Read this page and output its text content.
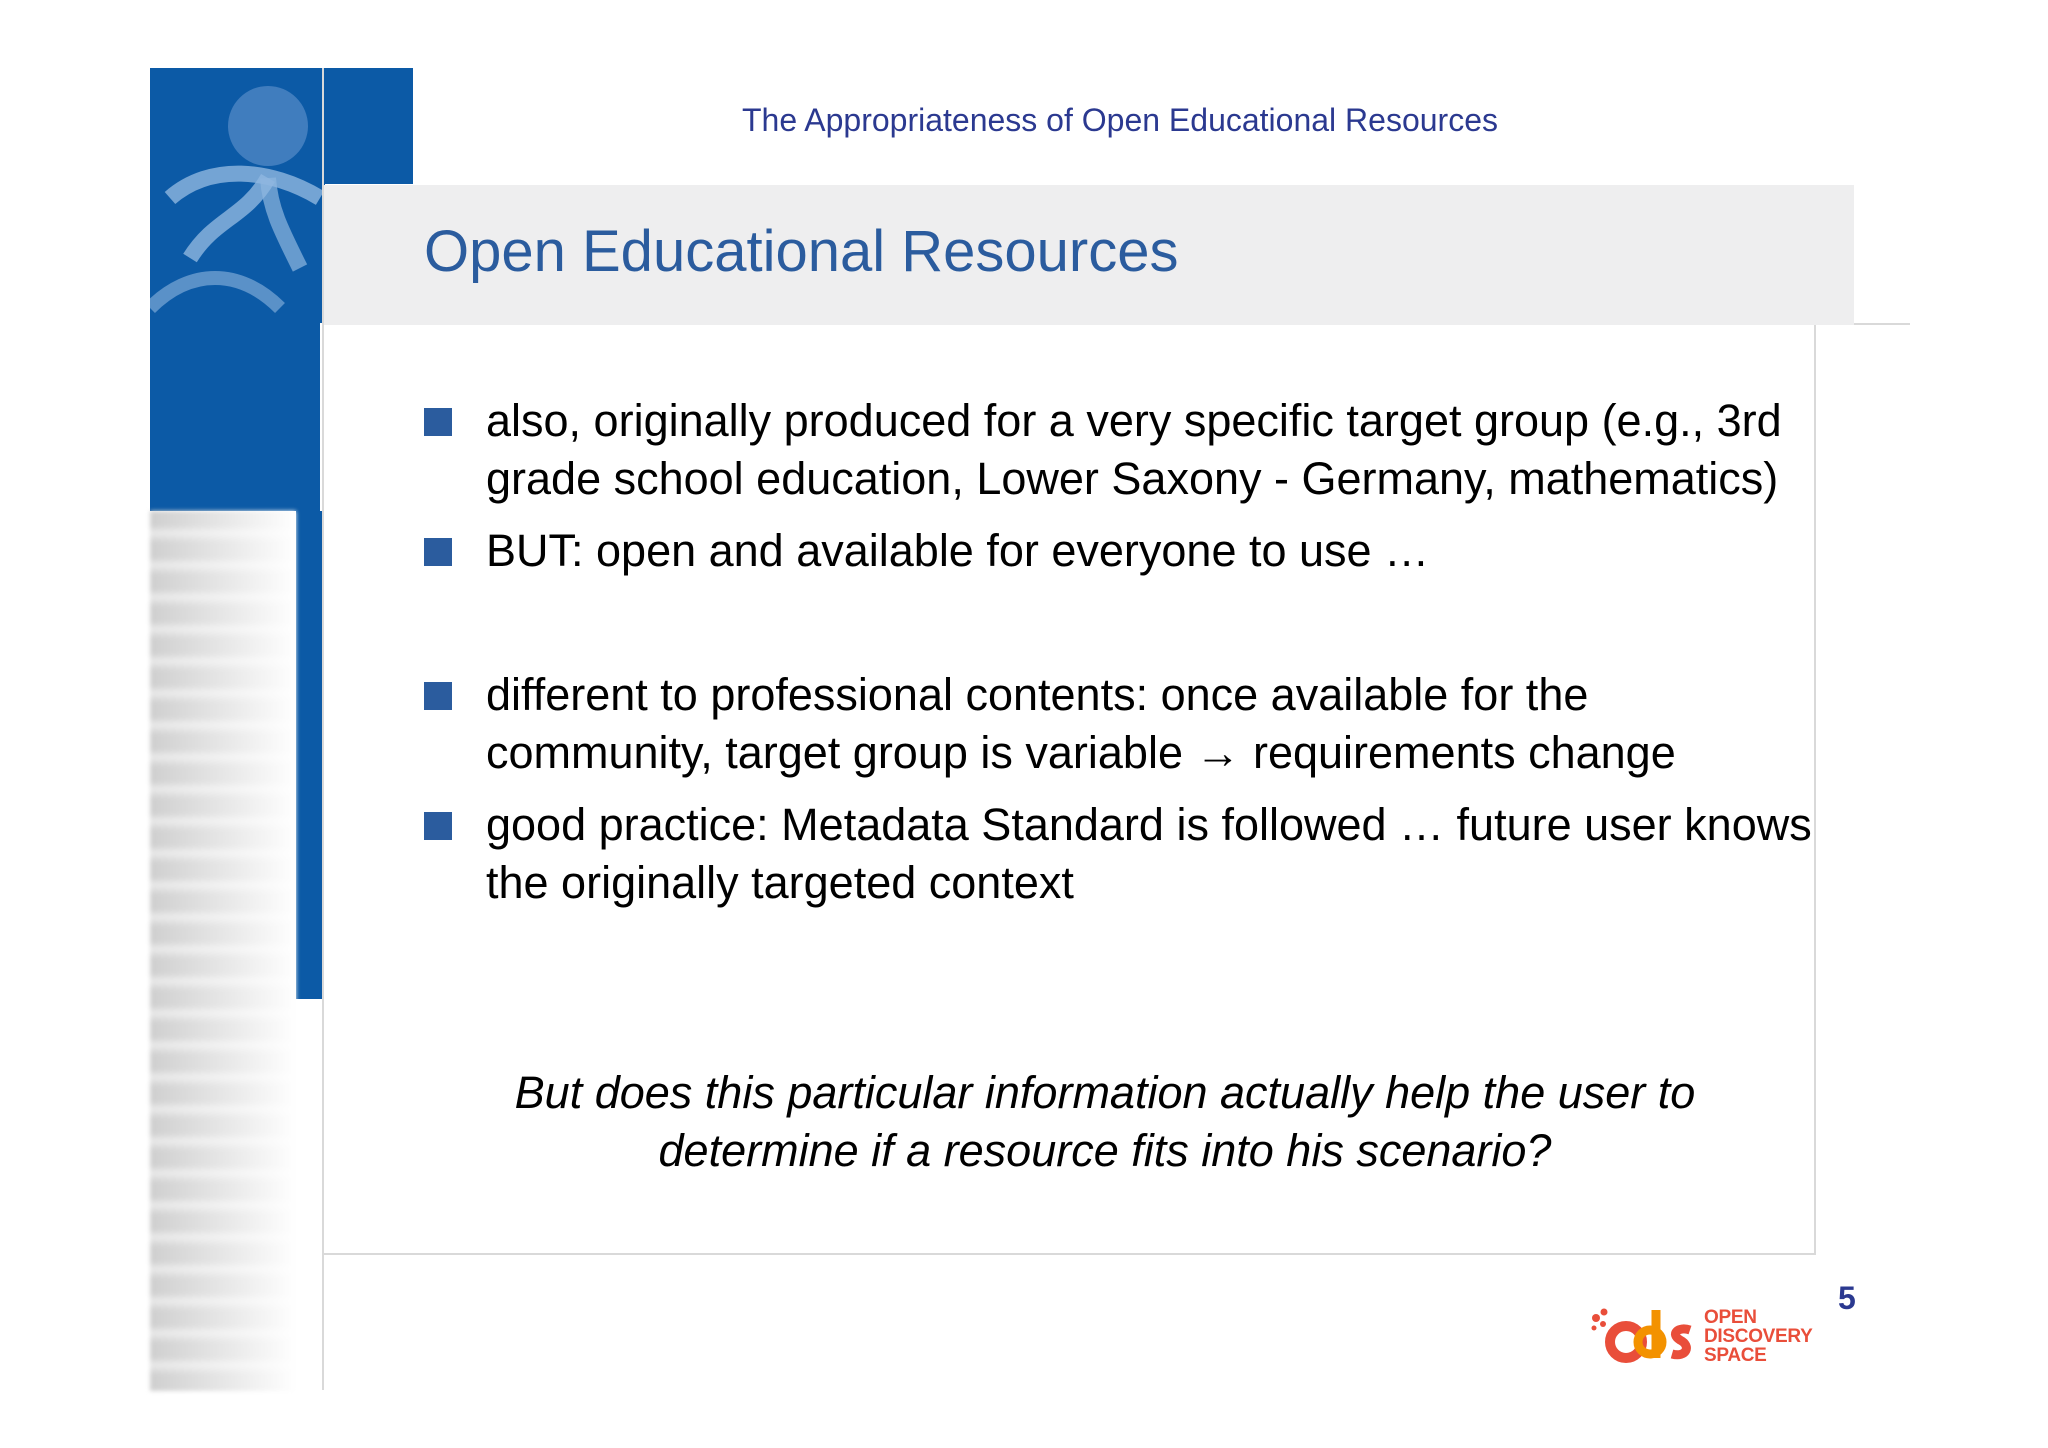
The Appropriateness of Open Educational Resources
Open Educational Resources
also, originally produced for a very specific target group (e.g., 3rd grade school education, Lower Saxony - Germany, mathematics)
BUT: open and available for everyone to use …
different to professional contents: once available for the community, target group is variable → requirements change
good practice: Metadata Standard is followed … future user knows the originally targeted context
But does this particular information actually help the user to determine if a resource fits into his scenario?
5
OPEN
DISCOVERY
SPACE
